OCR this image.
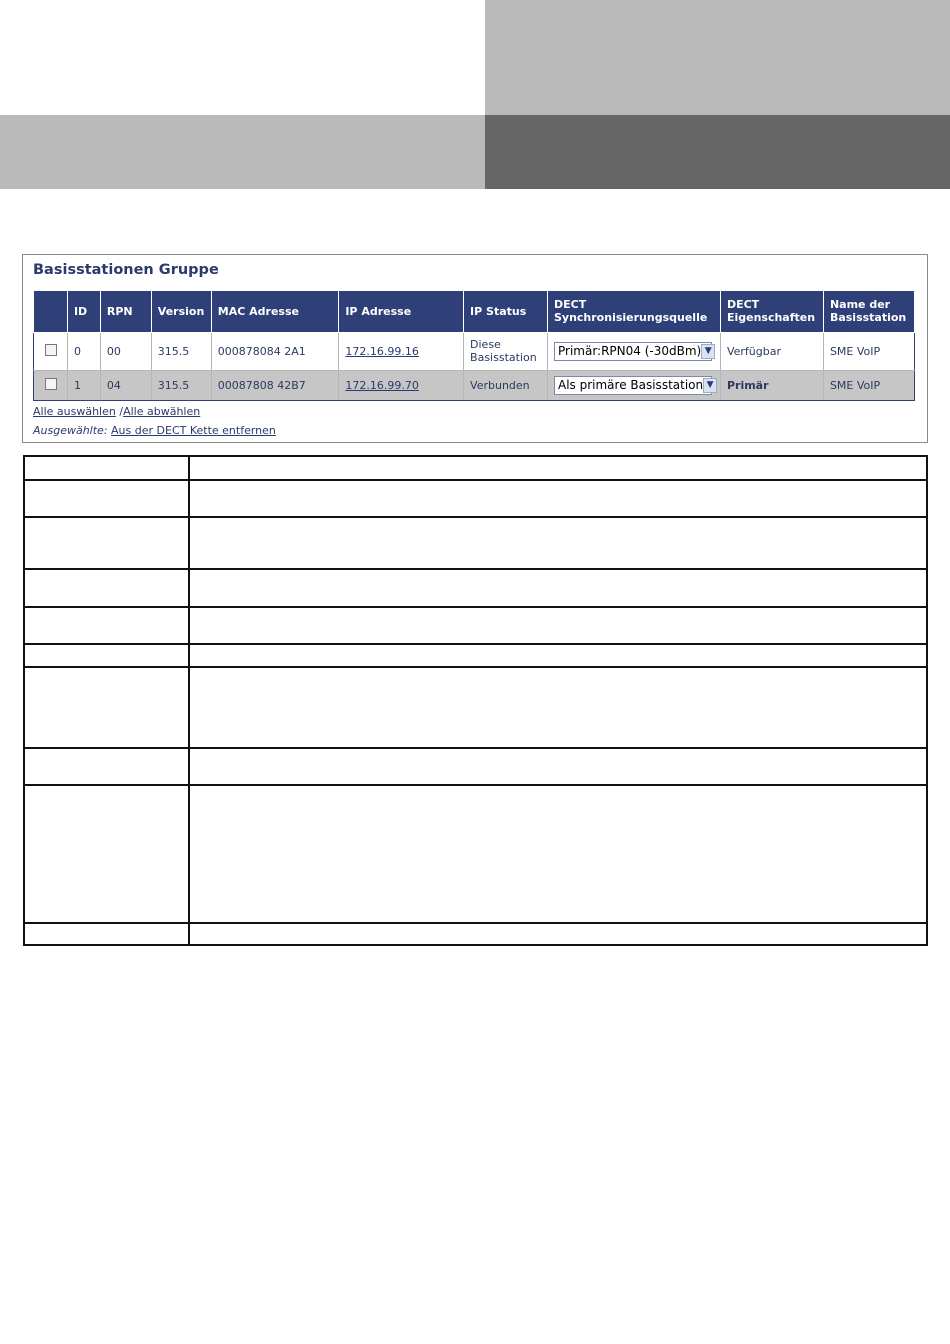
Basisstationen Gruppe
	ID	RPN	Version	MAC Adresse	IP Adresse	IP Status	DECT Synchronisierungsquelle	DECT Eigenschaften	Name der Basisstation
	0	00	315.5	000878084 2A1	172.16.99.16	Diese Basisstation	Primär:RPN04 (-30dBm) ▼	Verfügbar	SME VoIP
	1	04	315.5	00087808 42B7	172.16.99.70	Verbunden	Als primäre Basisstation ▼	Primär	SME VoIP
Alle auswählen /Alle abwählen
Ausgewählte: Aus der DECT Kette entfernen
